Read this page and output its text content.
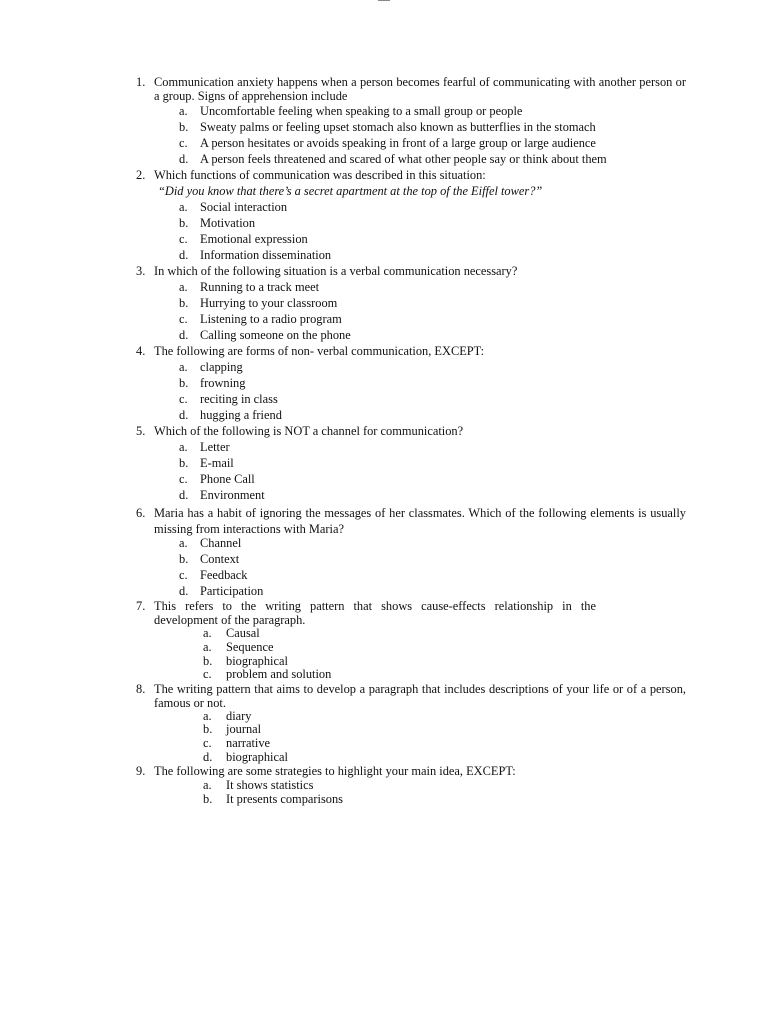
1. Communication anxiety happens when a person becomes fearful of communicating with another person or a group. Signs of apprehension include
a. Uncomfortable feeling when speaking to a small group or people
b. Sweaty palms or feeling upset stomach also known as butterflies in the stomach
c. A person hesitates or avoids speaking in front of a large group or large audience
d. A person feels threatened and scared of what other people say or think about them
2. Which functions of communication was described in this situation:
“Did you know that there’s a secret apartment at the top of the Eiffel tower?”
a. Social interaction
b. Motivation
c. Emotional expression
d. Information dissemination
3. In which of the following situation is a verbal communication necessary?
a. Running to a track meet
b. Hurrying to your classroom
c. Listening to a radio program
d. Calling someone on the phone
4. The following are forms of non- verbal communication, EXCEPT:
a. clapping
b. frowning
c. reciting in class
d. hugging a friend
5. Which of the following is NOT a channel for communication?
a. Letter
b. E-mail
c. Phone Call
d. Environment
6. Maria has a habit of ignoring the messages of her classmates. Which of the following elements is usually missing from interactions with Maria?
a. Channel
b. Context
c. Feedback
d. Participation
7. This refers to the writing pattern that shows cause-effects relationship in the development of the paragraph.
a. Causal
a. Sequence
b. biographical
c. problem and solution
8. The writing pattern that aims to develop a paragraph that includes descriptions of your life or of a person, famous or not.
a. diary
b. journal
c. narrative
d. biographical
9. The following are some strategies to highlight your main idea, EXCEPT:
a. It shows statistics
b. It presents comparisons
